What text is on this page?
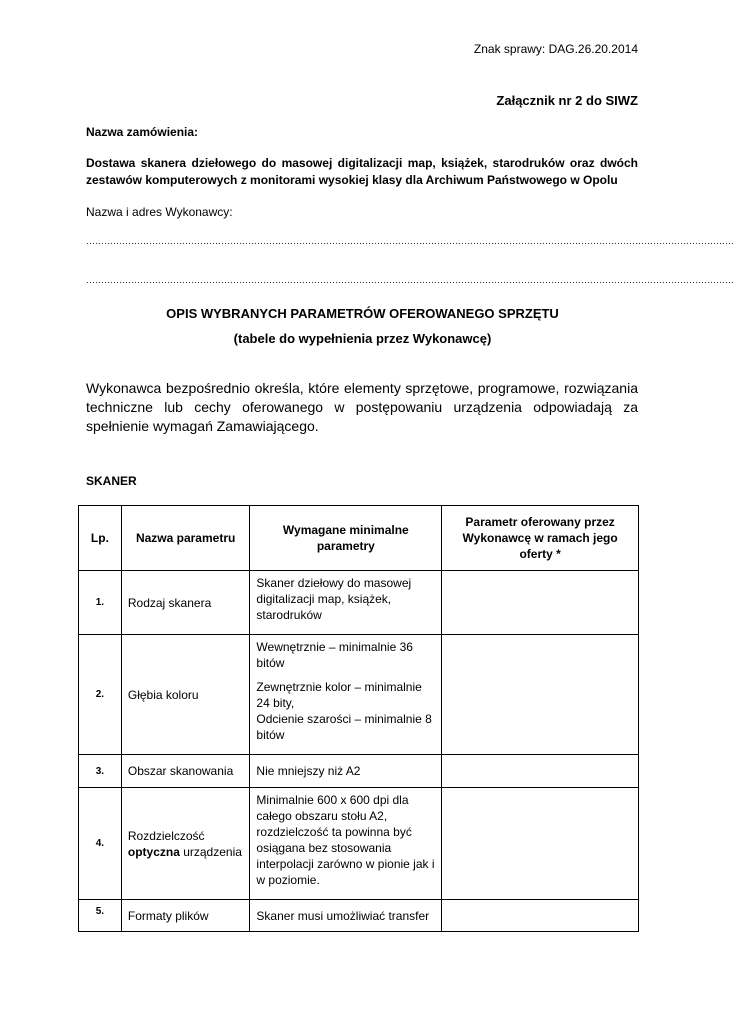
Znak sprawy: DAG.26.20.2014
Załącznik nr 2 do SIWZ
Nazwa zamówienia:
Dostawa skanera dziełowego do masowej digitalizacji map, książek, starodruków oraz dwóch zestawów komputerowych z monitorami wysokiej klasy dla Archiwum Państwowego w Opolu
Nazwa i adres Wykonawcy:
………………………………………………………………………………………………………………………………………………………………………………………………
………………………………………………………………………………………………………………………………………………………………………………………………
OPIS WYBRANYCH PARAMETRÓW OFEROWANEGO SPRZĘTU
(tabele do wypełnienia przez Wykonawcę)
Wykonawca bezpośrednio określa, które elementy sprzętowe, programowe, rozwiązania techniczne lub cechy oferowanego w postępowaniu urządzenia odpowiadają za spełnienie wymagań Zamawiającego.
SKANER
Lp.	Nazwa parametru	Wymagane minimalne parametry	Parametr oferowany przez Wykonawcę w ramach jego oferty *
1.	Rodzaj skanera	Skaner dziełowy do masowej digitalizacji map, książek, starodruków	

2.	Głębia koloru	Wewnętrznie – minimalnie 36 bitów
Zewnętrznie kolor – minimalnie 24 bity,
Odcienie szarości – minimalnie 8 bitów	

3.	Obszar skanowania	Nie mniejszy niż A2	

4.	Rozdzielczość
optyczna urządzenia	Minimalnie 600 x 600 dpi dla całego obszaru stołu A2, rozdzielczość ta powinna być osiągana bez stosowania interpolacji zarówno w pionie jak i w poziomie.	

5.	Formaty plików	Skaner musi umożliwiać transfer	
